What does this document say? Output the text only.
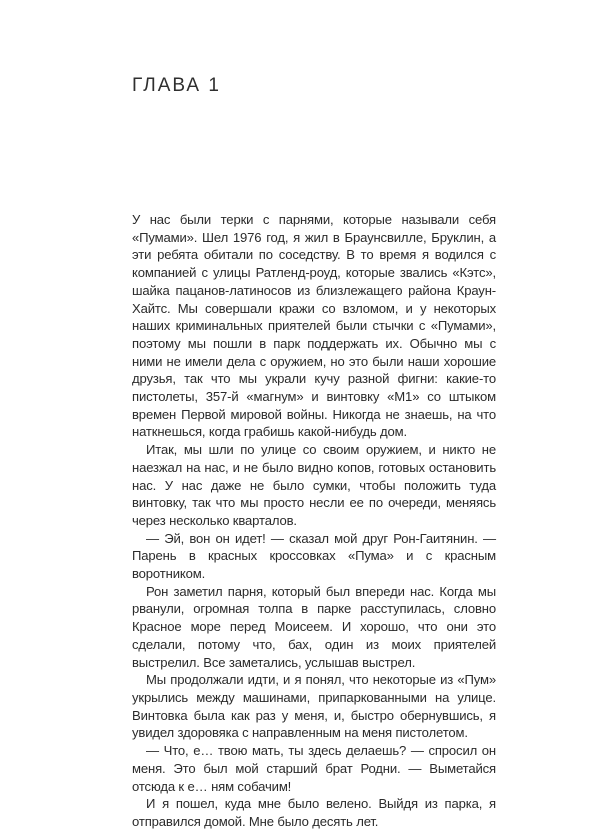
ГЛАВА 1

У нас были терки с парнями, которые называли себя «Пумами». Шел 1976 год, я жил в Браунсвилле, Бруклин, а эти ребята обитали по соседству. В то время я водился с компанией с улицы Ратленд-роуд, которые звались «Кэтс», шайка пацанов-латиносов из близлежащего района Краун-Хайтс. Мы совершали кражи со взломом, и у некоторых наших криминальных приятелей были стычки с «Пумами», поэтому мы пошли в парк поддержать их. Обычно мы с ними не имели дела с оружием, но это были наши хорошие друзья, так что мы украли кучу разной фигни: какие-то пистолеты, 357-й «магнум» и винтовку «М1» со штыком времен Первой мировой войны. Никогда не знаешь, на что наткнешься, когда грабишь какой-нибудь дом.

Итак, мы шли по улице со своим оружием, и никто не наезжал на нас, и не было видно копов, готовых остановить нас. У нас даже не было сумки, чтобы положить туда винтовку, так что мы просто несли ее по очереди, меняясь через несколько кварталов.

— Эй, вон он идет! — сказал мой друг Рон-Гаитянин. — Парень в красных кроссовках «Пума» и с красным воротником.

Рон заметил парня, который был впереди нас. Когда мы рванули, огромная толпа в парке расступилась, словно Красное море перед Моисеем. И хорошо, что они это сделали, потому что, бах, один из моих приятелей выстрелил. Все заметались, услышав выстрел.

Мы продолжали идти, и я понял, что некоторые из «Пум» укрылись между машинами, припаркованными на улице. Винтовка была как раз у меня, и, быстро обернувшись, я увидел здоровяка с направленным на меня пистолетом.

— Что, е… твою мать, ты здесь делаешь? — спросил он меня. Это был мой старший брат Родни. — Выметайся отсюда к е… ням собачим!

И я пошел, куда мне было велено. Выйдя из парка, я отправился домой. Мне было десять лет.
